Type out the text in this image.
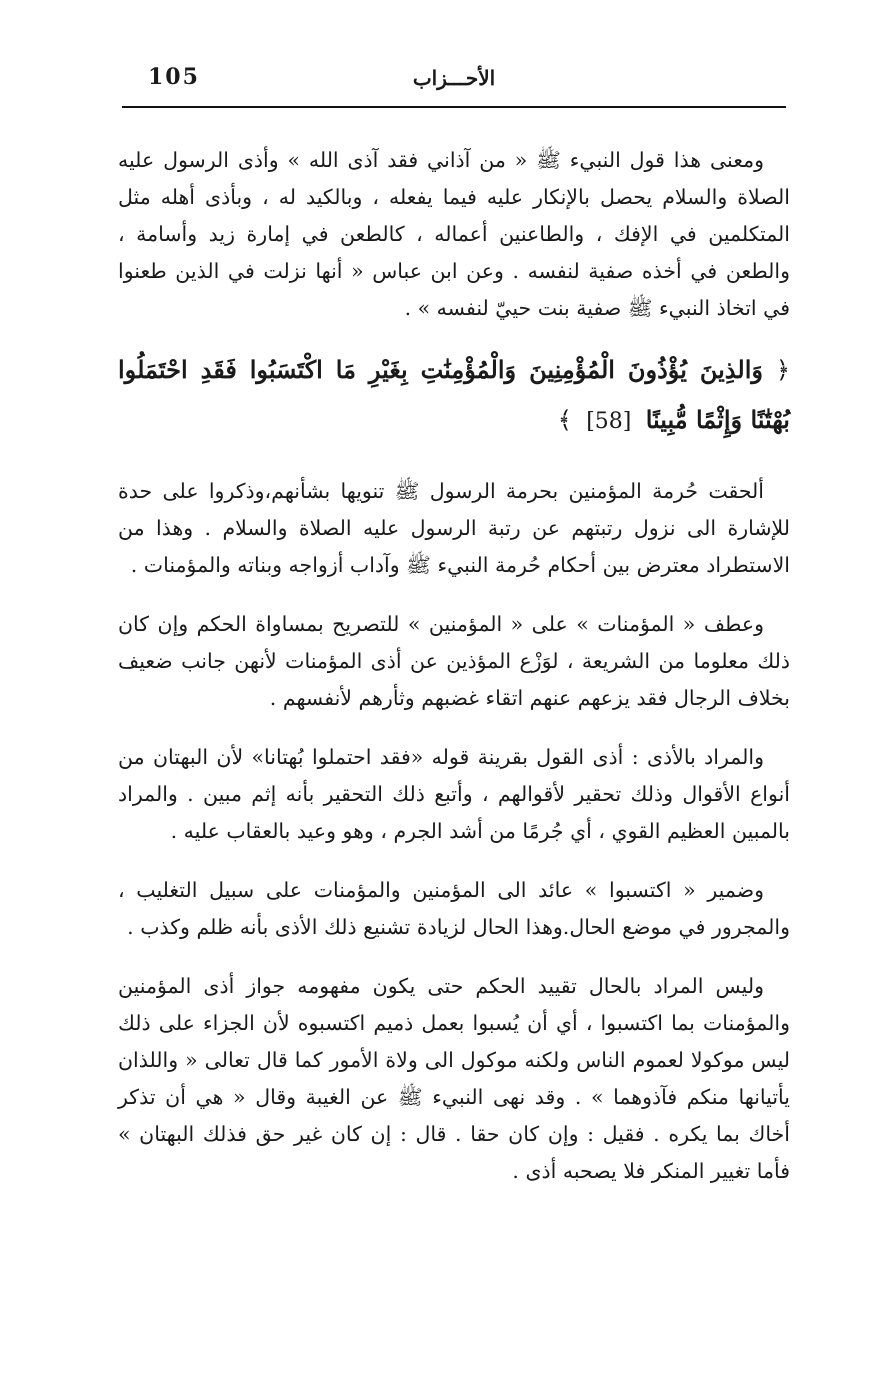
105	الأحـــزاب

ومعنى هذا قول النبيء ﷺ « من آذاني فقد آذى الله » وأذى الرسول عليه الصلاة والسلام يحصل بالإنكار عليه فيما يفعله ، وبالكيد له ، وبأذى أهله مثل المتكلمين في الإفك ، والطاعنين أعماله ، كالطعن في إمارة زيد وأسامة ، والطعن في أخذه صفية لنفسه . وعن ابن عباس « أنها نزلت في الذين طعنوا في اتخاذ النبيء ﷺ صفية بنت حييّ لنفسه » .

﴿ وَالذِينَ يُؤْذُونَ الْمُؤْمِنِينَ وَالْمُؤْمِنَٰتِ بِغَيْرِ مَا اكْتَسَبُوا فَقَدِ احْتَمَلُوا بُهْتَٰنًا وَإِثْمًا مُّبِينًا [58] ﴾

ألحقت حُرمة المؤمنين بحرمة الرسول ﷺ تنويها بشأنهم،وذكروا على حدة للإشارة الى نزول رتبتهم عن رتبة الرسول عليه الصلاة والسلام . وهذا من الاستطراد معترض بين أحكام حُرمة النبيء ﷺ وآداب أزواجه وبناته والمؤمنات .

وعطف « المؤمنات » على « المؤمنين » للتصريح بمساواة الحكم وإن كان ذلك معلوما من الشريعة ، لوَزْع المؤذين عن أذى المؤمنات لأنهن جانب ضعيف بخلاف الرجال فقد يزعهم عنهم اتقاء غضبهم وثأرهم لأنفسهم .

والمراد بالأذى : أذى القول بقرينة قوله «فقد احتملوا بُهتانا» لأن البهتان من أنواع الأقوال وذلك تحقير لأقوالهم ، وأتبع ذلك التحقير بأنه إثم مبين . والمراد بالمبين العظيم القوي ، أي جُرمًا من أشد الجرم ، وهو وعيد بالعقاب عليه .

وضمير « اكتسبوا » عائد الى المؤمنين والمؤمنات على سبيل التغليب ، والمجرور في موضع الحال.وهذا الحال لزيادة تشنيع ذلك الأذى بأنه ظلم وكذب .

وليس المراد بالحال تقييد الحكم حتى يكون مفهومه جواز أذى المؤمنين والمؤمنات بما اكتسبوا ، أي أن يُسبوا بعمل ذميم اكتسبوه لأن الجزاء على ذلك ليس موكولا لعموم الناس ولكنه موكول الى ولاة الأمور كما قال تعالى « واللذان يأتيانها منكم فآذوهما » . وقد نهى النبيء ﷺ عن الغيبة وقال « هي أن تذكر أخاك بما يكره . فقيل : وإن كان حقا . قال : إن كان غير حق فذلك البهتان » فأما تغيير المنكر فلا يصحبه أذى .
